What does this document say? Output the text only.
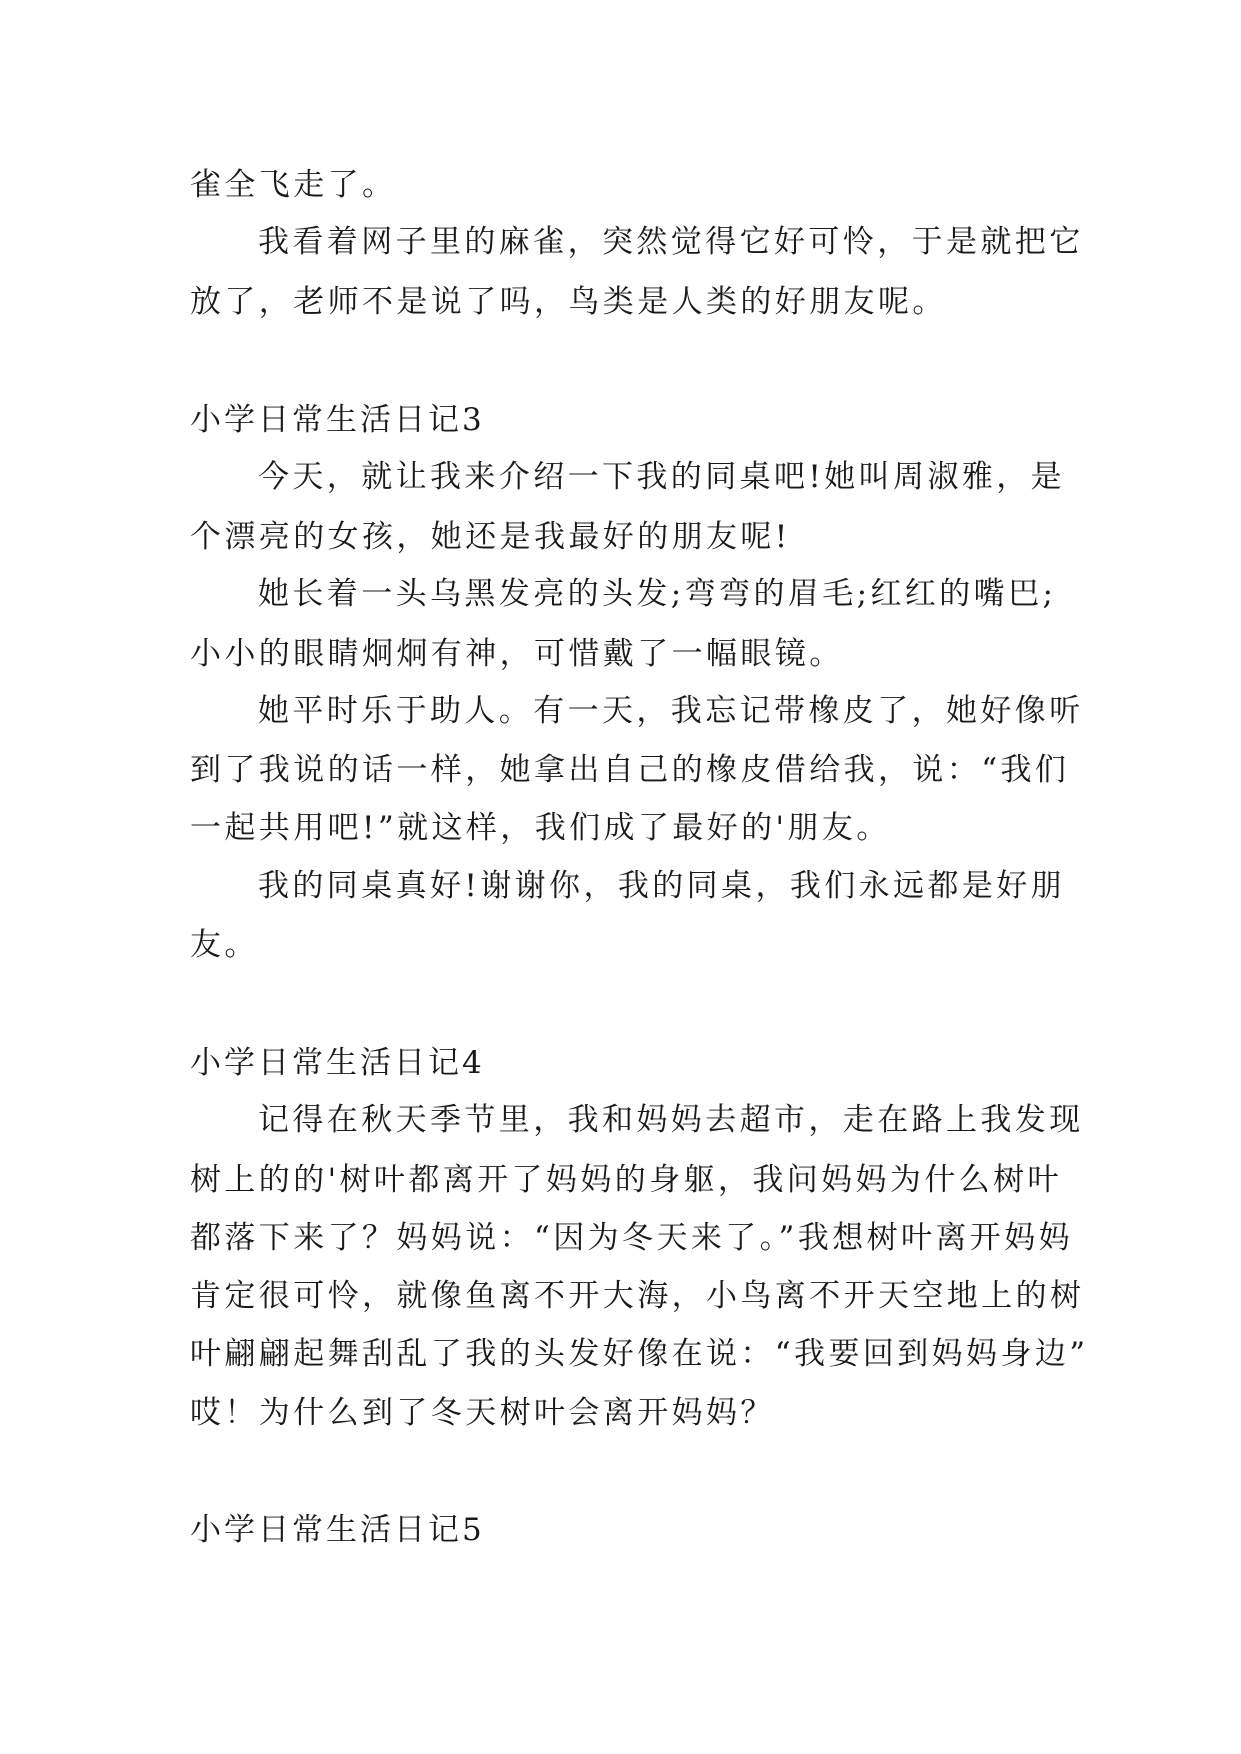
雀全飞走了。
我看着网子里的麻雀，突然觉得它好可怜，于是就把它
放了，老师不是说了吗，鸟类是人类的好朋友呢。
小学日常生活日记3
今天，就让我来介绍一下我的同桌吧!她叫周淑雅，是
个漂亮的女孩，她还是我最好的朋友呢!
她长着一头乌黑发亮的头发;弯弯的眉毛;红红的嘴巴;
小小的眼睛炯炯有神，可惜戴了一幅眼镜。
她平时乐于助人。有一天，我忘记带橡皮了，她好像听
到了我说的话一样，她拿出自己的橡皮借给我，说：“我们
一起共用吧!”就这样，我们成了最好的'朋友。
我的同桌真好!谢谢你，我的同桌，我们永远都是好朋
友。
小学日常生活日记4
记得在秋天季节里，我和妈妈去超市，走在路上我发现
树上的的'树叶都离开了妈妈的身躯，我问妈妈为什么树叶
都落下来了？妈妈说：“因为冬天来了。”我想树叶离开妈妈
肯定很可怜，就像鱼离不开大海，小鸟离不开天空地上的树
叶翩翩起舞刮乱了我的头发好像在说：“我要回到妈妈身边”
哎！为什么到了冬天树叶会离开妈妈？
小学日常生活日记5
